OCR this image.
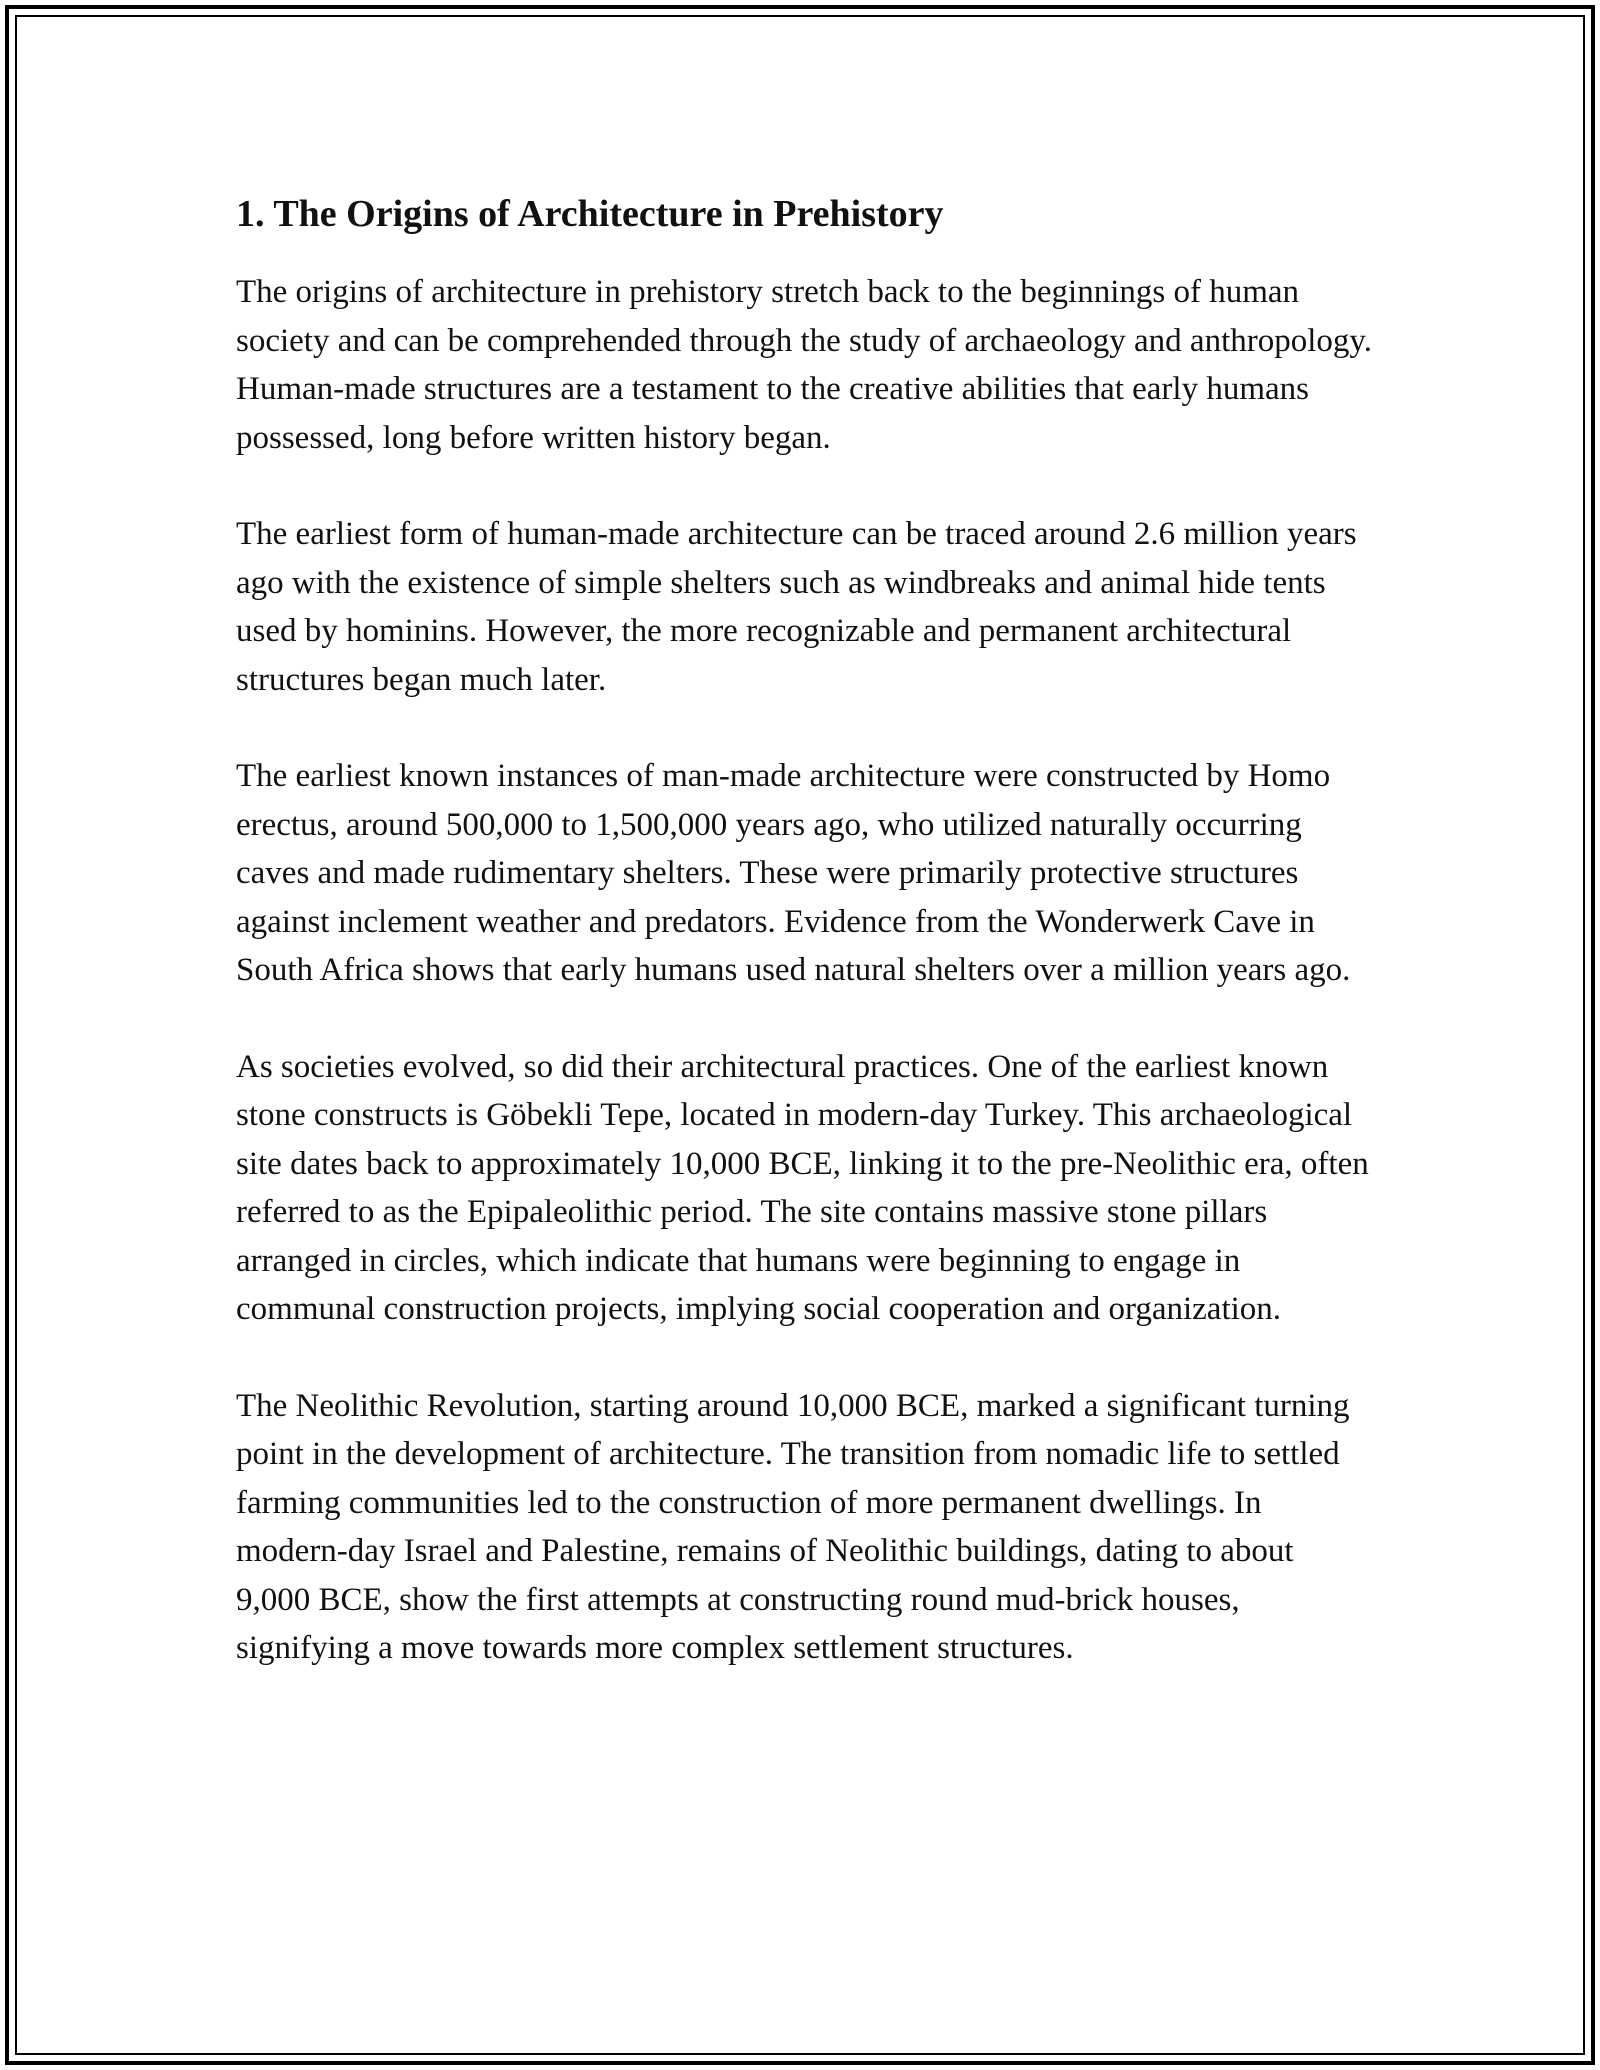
1. The Origins of Architecture in Prehistory

The origins of architecture in prehistory stretch back to the beginnings of human society and can be comprehended through the study of archaeology and anthropology. Human-made structures are a testament to the creative abilities that early humans possessed, long before written history began.

The earliest form of human-made architecture can be traced around 2.6 million years ago with the existence of simple shelters such as windbreaks and animal hide tents used by hominins. However, the more recognizable and permanent architectural structures began much later.

The earliest known instances of man-made architecture were constructed by Homo erectus, around 500,000 to 1,500,000 years ago, who utilized naturally occurring caves and made rudimentary shelters. These were primarily protective structures against inclement weather and predators. Evidence from the Wonderwerk Cave in South Africa shows that early humans used natural shelters over a million years ago.

As societies evolved, so did their architectural practices. One of the earliest known stone constructs is Göbekli Tepe, located in modern-day Turkey. This archaeological site dates back to approximately 10,000 BCE, linking it to the pre-Neolithic era, often referred to as the Epipaleolithic period. The site contains massive stone pillars arranged in circles, which indicate that humans were beginning to engage in communal construction projects, implying social cooperation and organization.

The Neolithic Revolution, starting around 10,000 BCE, marked a significant turning point in the development of architecture. The transition from nomadic life to settled farming communities led to the construction of more permanent dwellings. In modern-day Israel and Palestine, remains of Neolithic buildings, dating to about 9,000 BCE, show the first attempts at constructing round mud-brick houses, signifying a move towards more complex settlement structures.
